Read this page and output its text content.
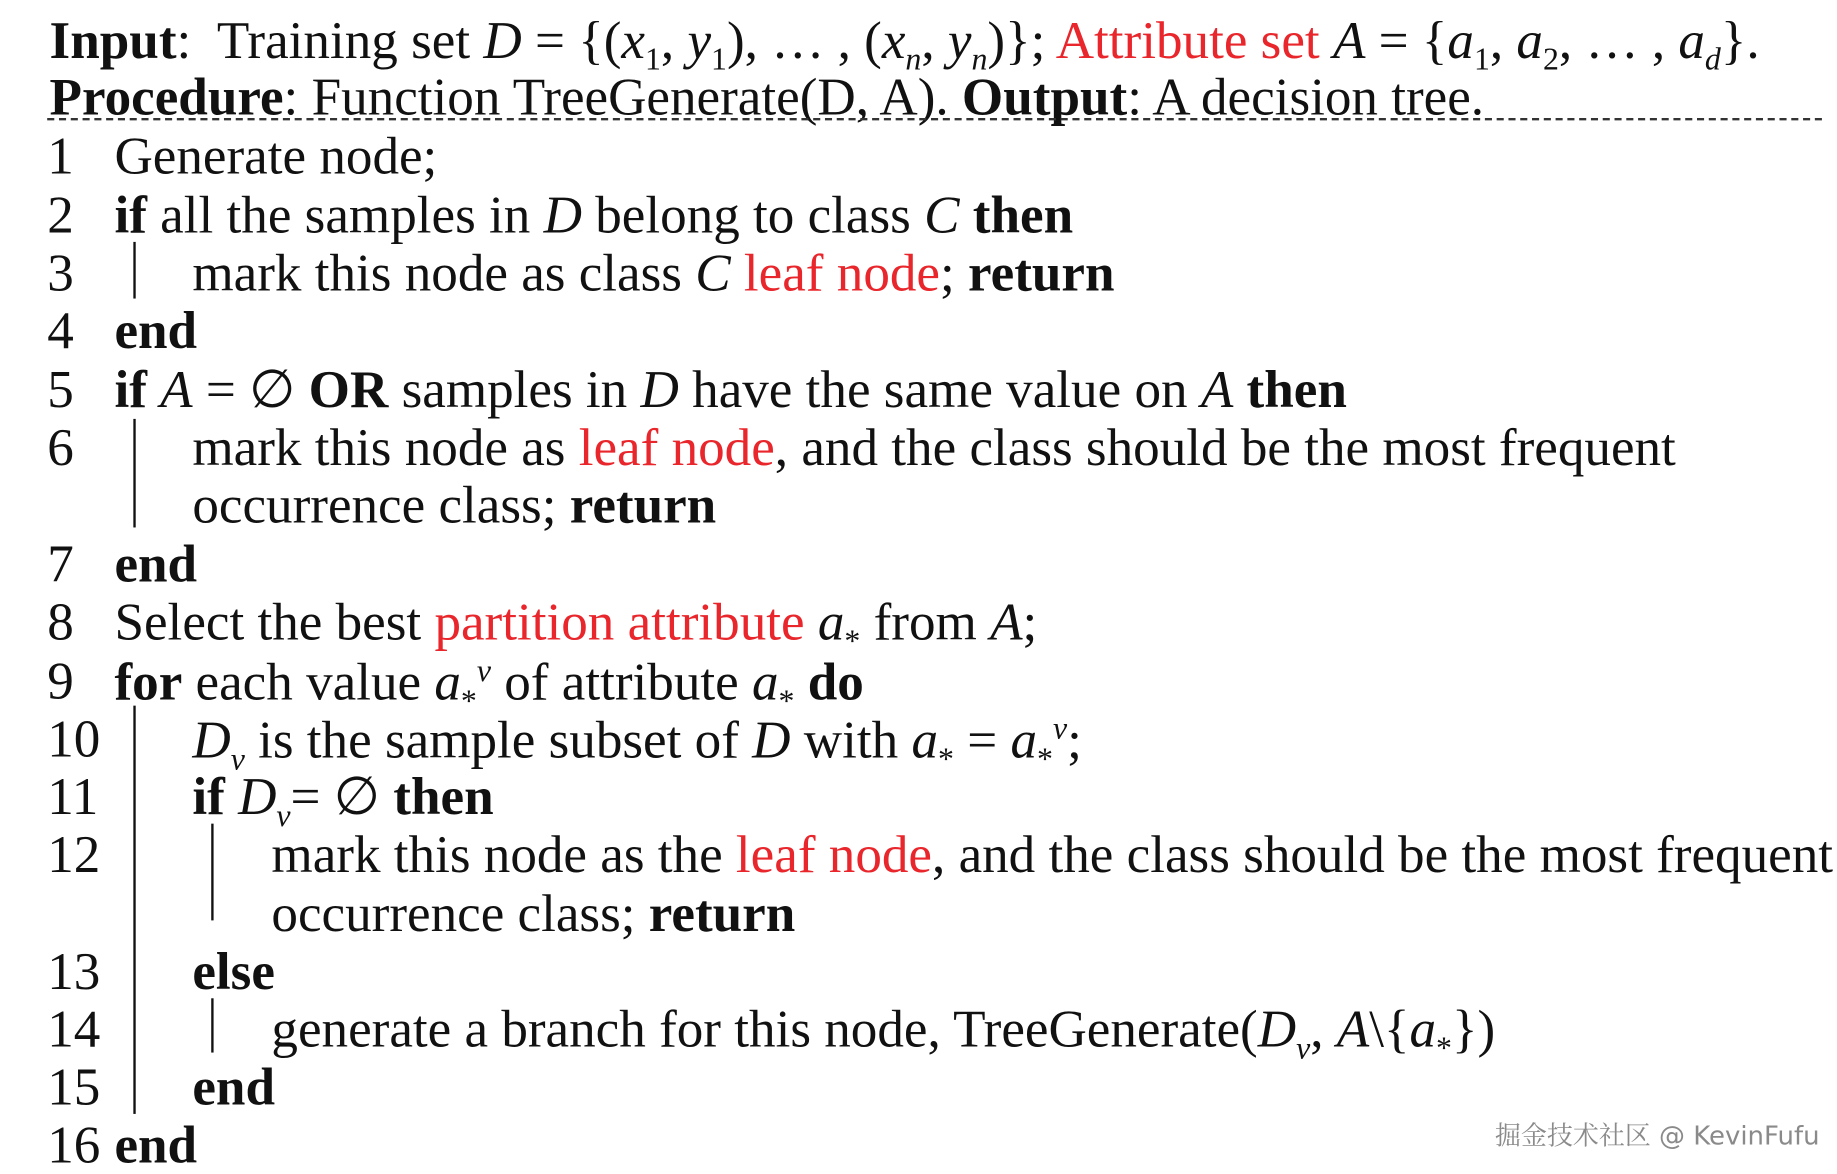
Input:  Training set $D = \{(x_1$, $y_1$), … , ($x_n$, $y_n$)}; Attribute set $A = \{a_1$, $a_2$, … , $a_d$}.
Procedure: Function TreeGenerate(D, A). Output: A decision tree.
1 Generate node;
2 if all the samples in D belong to class C then
3	mark this node as class C leaf node; return
4 end
5 if A = ∅ OR samples in D have the same value on A then
6	mark this node as leaf node, and the class should be the most frequent
occurrence class; return
7 end
8 Select the best partition attribute $a_*$ from A;
9 for each value $a_*^v$ of attribute $a_*$ do
10	$D_v$ is the sample subset of D with $a_* = a_*^v$;
11	if $D_v=$ ∅ then
12	mark this node as the leaf node, and the class should be the most frequent
occurrence class; return
13	else
14	generate a branch for this node, $TreeGenerate(D_v$, $A\backslash\{a_*\}$)
15	end
16 end	掘金技术社区 @ KevinFufu
